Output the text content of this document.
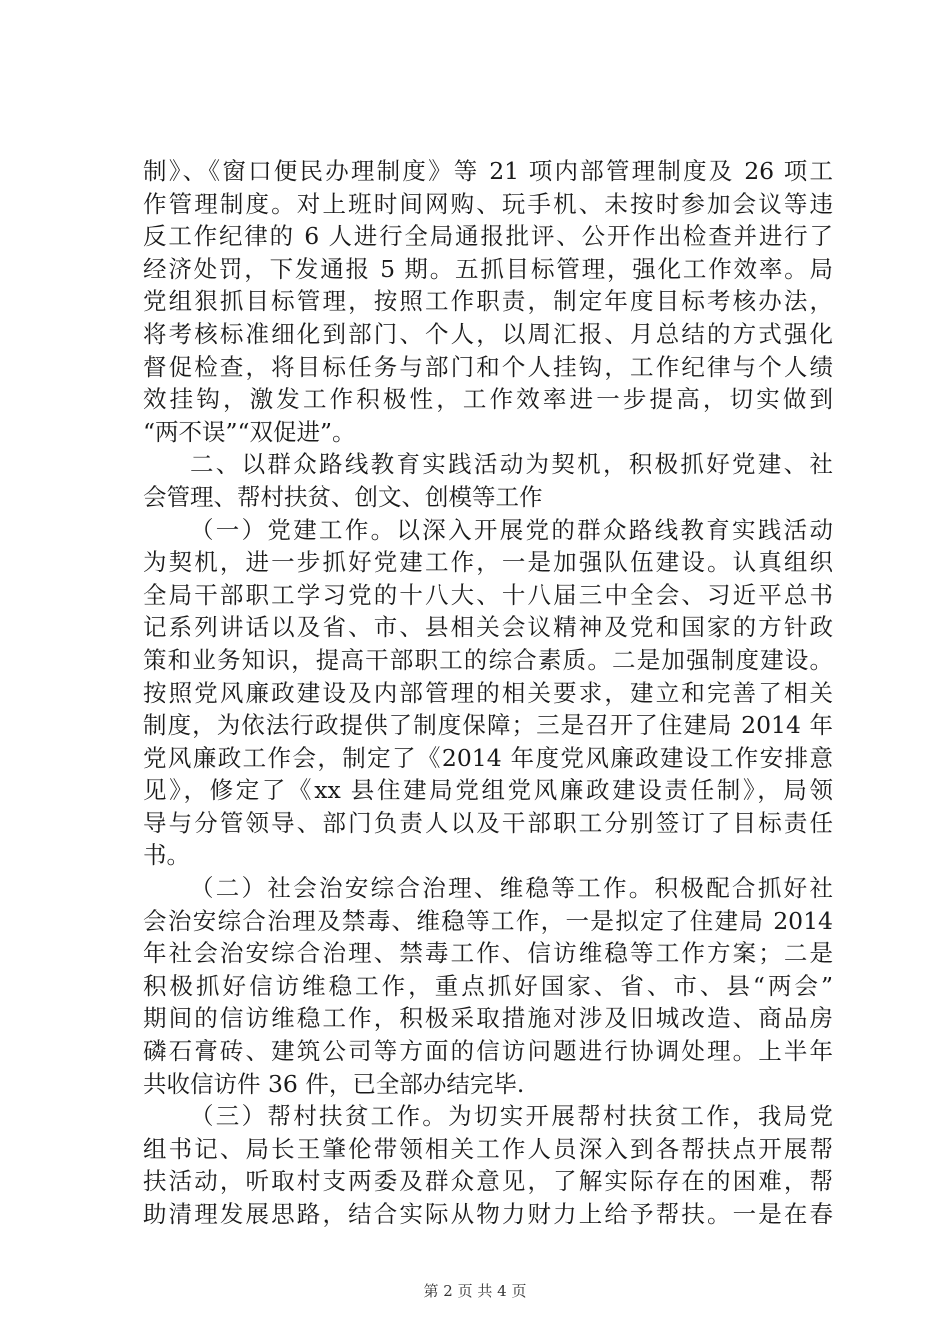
制》、《窗口便民办理制度》等 21 项内部管理制度及 26 项工
作管理制度。对上班时间网购、玩手机、未按时参加会议等违
反工作纪律的 6 人进行全局通报批评、公开作出检查并进行了
经济处罚，下发通报 5 期。五抓目标管理，强化工作效率。局
党组狠抓目标管理，按照工作职责，制定年度目标考核办法，
将考核标准细化到部门、个人，以周汇报、月总结的方式强化
督促检查，将目标任务与部门和个人挂钩，工作纪律与个人绩
效挂钩，激发工作积极性，工作效率进一步提高，切实做到
“两不误”“双促进”。
二、以群众路线教育实践活动为契机，积极抓好党建、社
会管理、帮村扶贫、创文、创模等工作
（一）党建工作。以深入开展党的群众路线教育实践活动
为契机，进一步抓好党建工作，一是加强队伍建设。认真组织
全局干部职工学习党的十八大、十八届三中全会、习近平总书
记系列讲话以及省、市、县相关会议精神及党和国家的方针政
策和业务知识，提高干部职工的综合素质。二是加强制度建设。
按照党风廉政建设及内部管理的相关要求，建立和完善了相关
制度，为依法行政提供了制度保障；三是召开了住建局 2014 年
党风廉政工作会，制定了《2014 年度党风廉政建设工作安排意
见》，修定了《xx 县住建局党组党风廉政建设责任制》，局领
导与分管领导、部门负责人以及干部职工分别签订了目标责任
书。
（二）社会治安综合治理、维稳等工作。积极配合抓好社
会治安综合治理及禁毒、维稳等工作，一是拟定了住建局 2014
年社会治安综合治理、禁毒工作、信访维稳等工作方案；二是
积极抓好信访维稳工作，重点抓好国家、省、市、县“两会”
期间的信访维稳工作，积极采取措施对涉及旧城改造、商品房
磷石膏砖、建筑公司等方面的信访问题进行协调处理。上半年
共收信访件 36 件，已全部办结完毕.
（三）帮村扶贫工作。为切实开展帮村扶贫工作，我局党
组书记、局长王肇伦带领相关工作人员深入到各帮扶点开展帮
扶活动，听取村支两委及群众意见，了解实际存在的困难，帮
助清理发展思路，结合实际从物力财力上给予帮扶。一是在春
第 2 页 共 4 页
